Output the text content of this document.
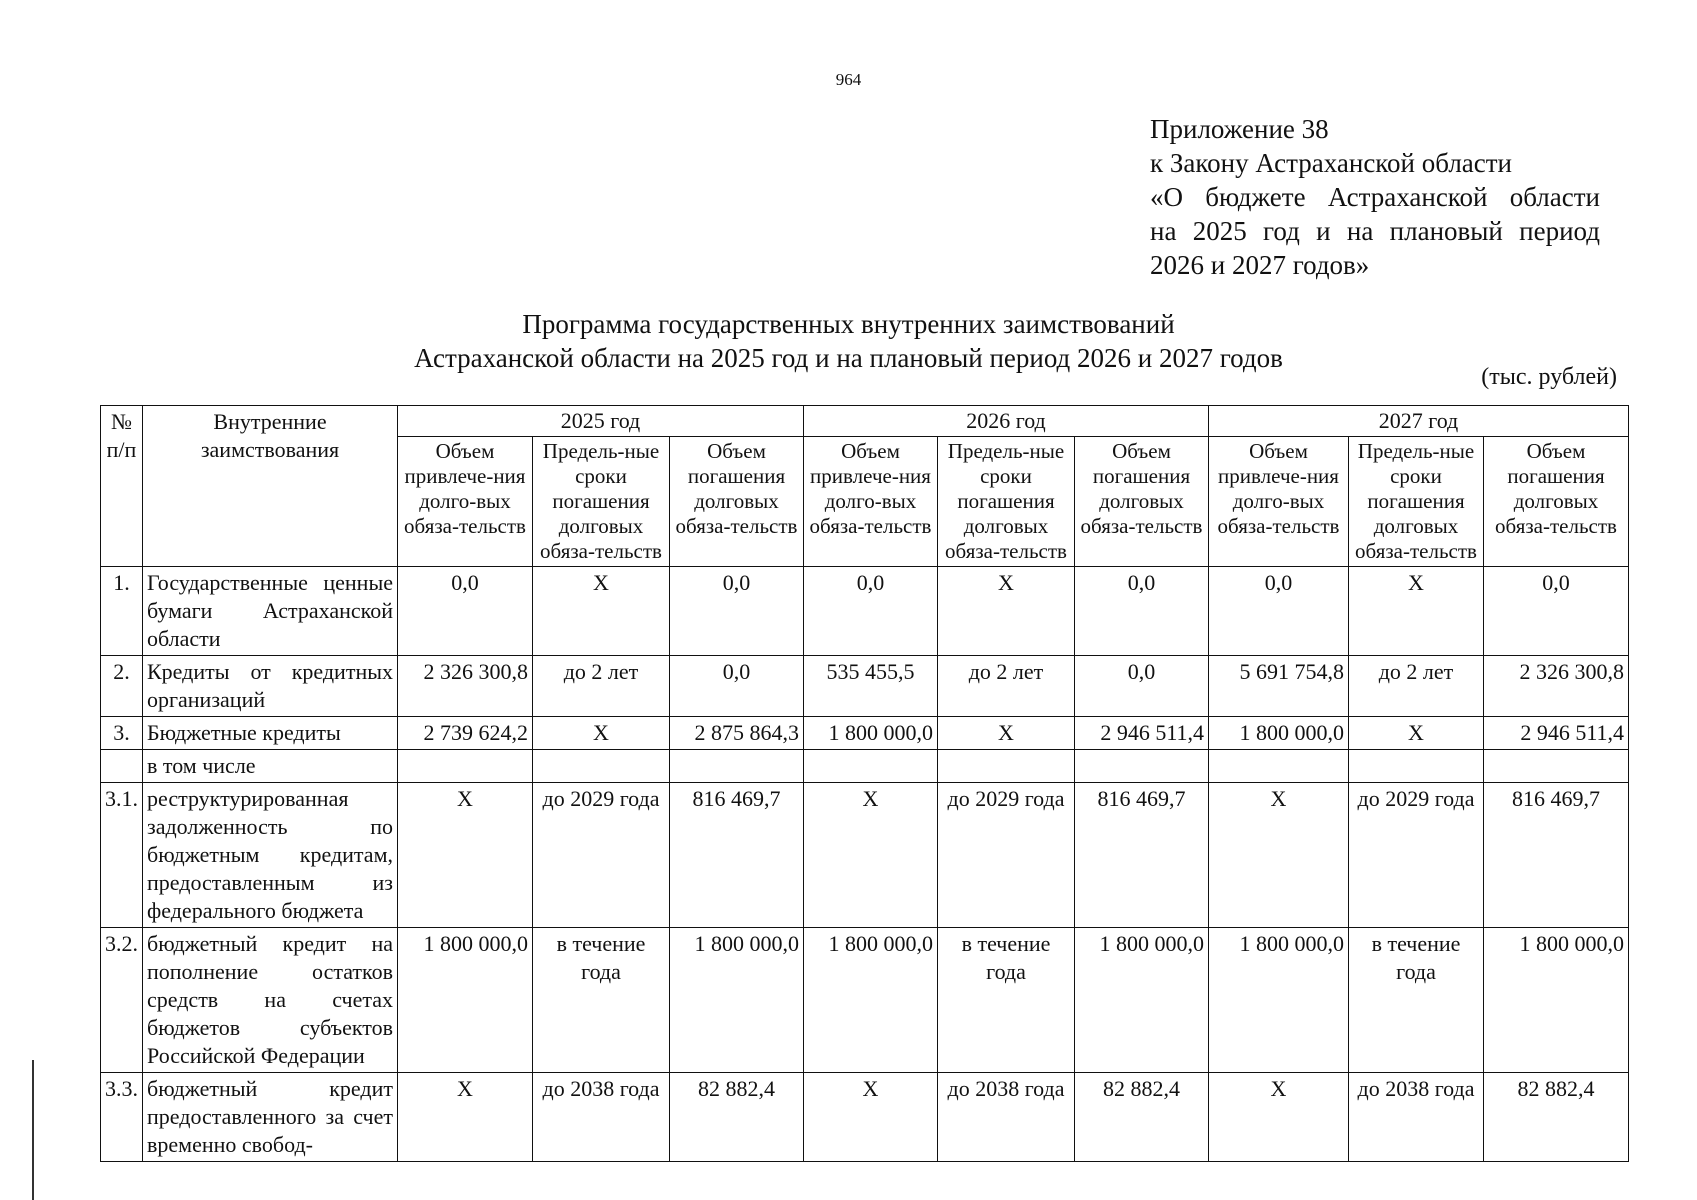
964
Приложение 38
к Закону Астраханской области
«О бюджете Астраханской области
на 2025 год и на плановый период
2026 и 2027 годов»
Программа государственных внутренних заимствований
Астраханской области на 2025 год и на плановый период 2026 и 2027 годов
(тыс. рублей)
№ п/п	Внутренние заимствования	2025 год			2026 год			2027 год		
		Объем привлече-ния долго-вых обяза-тельств	Предель-ные сроки погашения долговых обяза-тельств	Объем погашения долговых обяза-тельств	Объем привлече-ния долго-вых обяза-тельств	Предель-ные сроки погашения долговых обяза-тельств	Объем погашения долговых обяза-тельств	Объем привлече-ния долго-вых обяза-тельств	Предель-ные сроки погашения долговых обяза-тельств	Объем погашения долговых обяза-тельств
1.	Государственные ценные бумаги Астраханской области	0,0	Х	0,0	0,0	Х	0,0	0,0	Х	0,0
2.	Кредиты от кредитных организаций	2 326 300,8	до 2 лет	0,0	535 455,5	до 2 лет	0,0	5 691 754,8	до 2 лет	2 326 300,8
3.	Бюджетные кредиты	2 739 624,2	Х	2 875 864,3	1 800 000,0	Х	2 946 511,4	1 800 000,0	Х	2 946 511,4
	в том числе									
3.1.	реструктурированная задолженность по бюджетным кредитам, предоставленным из федерального бюджета	Х	до 2029 года	816 469,7	Х	до 2029 года	816 469,7	Х	до 2029 года	816 469,7
3.2.	бюджетный кредит на пополнение остатков средств на счетах бюджетов субъектов Российской Федерации	1 800 000,0	в течение года	1 800 000,0	1 800 000,0	в течение года	1 800 000,0	1 800 000,0	в течение года	1 800 000,0
3.3.	бюджетный кредит предоставленного за счет временно свобод-	Х	до 2038 года	82 882,4	Х	до 2038 года	82 882,4	Х	до 2038 года	82 882,4
